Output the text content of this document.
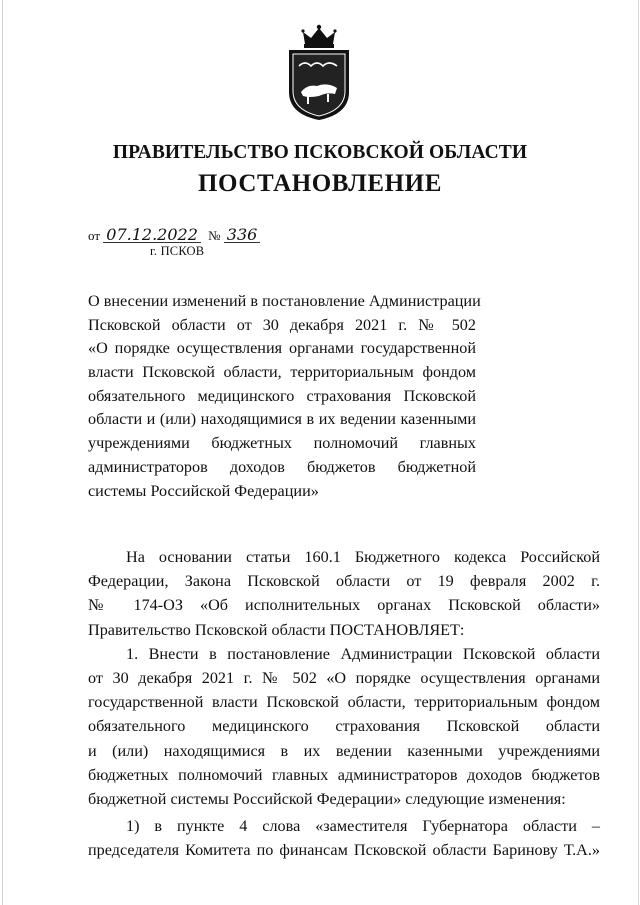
ПРАВИТЕЛЬСТВО ПСКОВСКОЙ ОБЛАСТИ
ПОСТАНОВЛЕНИЕ
от 07.12.2022 № 336
г. ПСКОВ
О внесении изменений в постановление Администрации
Псковской области от 30 декабря 2021 г. № 502
«О порядке осуществления органами государственной
власти Псковской области, территориальным фондом
обязательного медицинского страхования Псковской
области и (или) находящимися в их ведении казенными
учреждениями бюджетных полномочий главных
администраторов доходов бюджетов бюджетной
системы Российской Федерации»
На основании статьи 160.1 Бюджетного кодекса Российской
Федерации, Закона Псковской области от 19 февраля 2002 г.
№ 174-ОЗ «Об исполнительных органах Псковской области»
Правительство Псковской области ПОСТАНОВЛЯЕТ:
1. Внести в постановление Администрации Псковской области
от 30 декабря 2021 г. № 502 «О порядке осуществления органами
государственной власти Псковской области, территориальным фондом
обязательного медицинского страхования Псковской области
и (или) находящимися в их ведении казенными учреждениями
бюджетных полномочий главных администраторов доходов бюджетов
бюджетной системы Российской Федерации» следующие изменения:
1) в пункте 4 слова «заместителя Губернатора области –
председателя Комитета по финансам Псковской области Баринову Т.А.»
